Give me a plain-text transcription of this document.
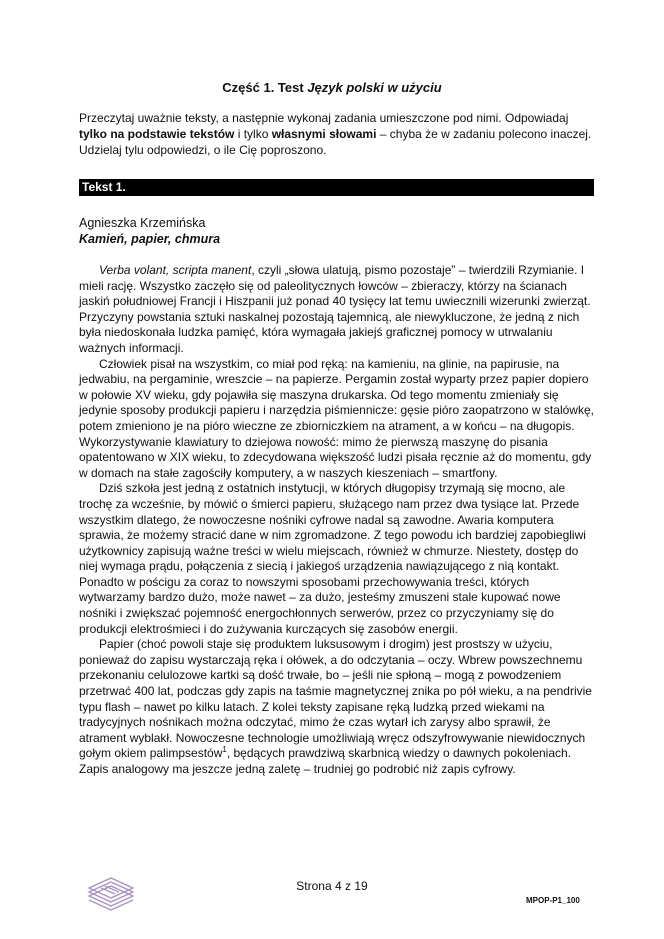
Część 1. Test Język polski w użyciu
Przeczytaj uważnie teksty, a następnie wykonaj zadania umieszczone pod nimi. Odpowiadaj tylko na podstawie tekstów i tylko własnymi słowami – chyba że w zadaniu polecono inaczej. Udzielaj tylu odpowiedzi, o ile Cię poproszono.
Tekst 1.
Agnieszka Krzemińska
Kamień, papier, chmura

Verba volant, scripta manent, czyli „słowa ulatują, pismo pozostaje” – twierdzili Rzymianie. I mieli rację. Wszystko zaczęło się od paleolitycznych łowców – zbieraczy, którzy na ścianach jaskiń południowej Francji i Hiszpanii już ponad 40 tysięcy lat temu uwiecznili wizerunki zwierząt. Przyczyny powstania sztuki naskalnej pozostają tajemnicą, ale niewykluczone, że jedną z nich była niedoskonała ludzka pamięć, która wymagała jakiejś graficznej pomocy w utrwalaniu ważnych informacji.

Człowiek pisał na wszystkim, co miał pod ręką: na kamieniu, na glinie, na papirusie, na jedwabiu, na pergaminie, wreszcie – na papierze. Pergamin został wyparty przez papier dopiero w połowie XV wieku, gdy pojawiła się maszyna drukarska. Od tego momentu zmieniały się jedynie sposoby produkcji papieru i narzędzia piśmiennicze: gęsie pióro zaopatrzono w stalówkę, potem zmieniono je na pióro wieczne ze zbiorniczkiem na atrament, a w końcu – na długopis. Wykorzystywanie klawiatury to dziejowa nowość: mimo że pierwszą maszynę do pisania opatentowano w XIX wieku, to zdecydowana większość ludzi pisała ręcznie aż do momentu, gdy w domach na stałe zagościły komputery, a w naszych kieszeniach – smartfony.

Dziś szkoła jest jedną z ostatnich instytucji, w których długopisy trzymają się mocno, ale trochę za wcześnie, by mówić o śmierci papieru, służącego nam przez dwa tysiące lat. Przede wszystkim dlatego, że nowoczesne nośniki cyfrowe nadal są zawodne. Awaria komputera sprawia, że możemy stracić dane w nim zgromadzone. Z tego powodu ich bardziej zapobiegliwi użytkownicy zapisują ważne treści w wielu miejscach, również w chmurze. Niestety, dostęp do niej wymaga prądu, połączenia z siecią i jakiegoś urządzenia nawiązującego z nią kontakt. Ponadto w pościgu za coraz to nowszymi sposobami przechowywania treści, których wytwarzamy bardzo dużo, może nawet – za dużo, jesteśmy zmuszeni stale kupować nowe nośniki i zwiększać pojemność energochłonnych serwerów, przez co przyczyniamy się do produkcji elektrośmieci i do zużywania kurczących się zasobów energii.

Papier (choć powoli staje się produktem luksusowym i drogim) jest prostszy w użyciu, ponieważ do zapisu wystarczają ręka i ołówek, a do odczytania – oczy. Wbrew powszechnemu przekonaniu celulozowe kartki są dość trwałe, bo – jeśli nie spłoną – mogą z powodzeniem przetrwać 400 lat, podczas gdy zapis na taśmie magnetycznej znika po pół wieku, a na pendrivie typu flash – nawet po kilku latach. Z kolei teksty zapisane ręką ludzką przed wiekami na tradycyjnych nośnikach można odczytać, mimo że czas wytarł ich zarysy albo sprawił, że atrament wyblakł. Nowoczesne technologie umożliwiają wręcz odszyfrowywanie niewidocznych gołym okiem palimpsestów$^1$, będących prawdziwą skarbnicą wiedzy o dawnych pokoleniach. Zapis analogowy ma jeszcze jedną zaletę – trudniej go podrobić niż zapis cyfrowy.

Strona 4 z 19
MPOP-P1_100
